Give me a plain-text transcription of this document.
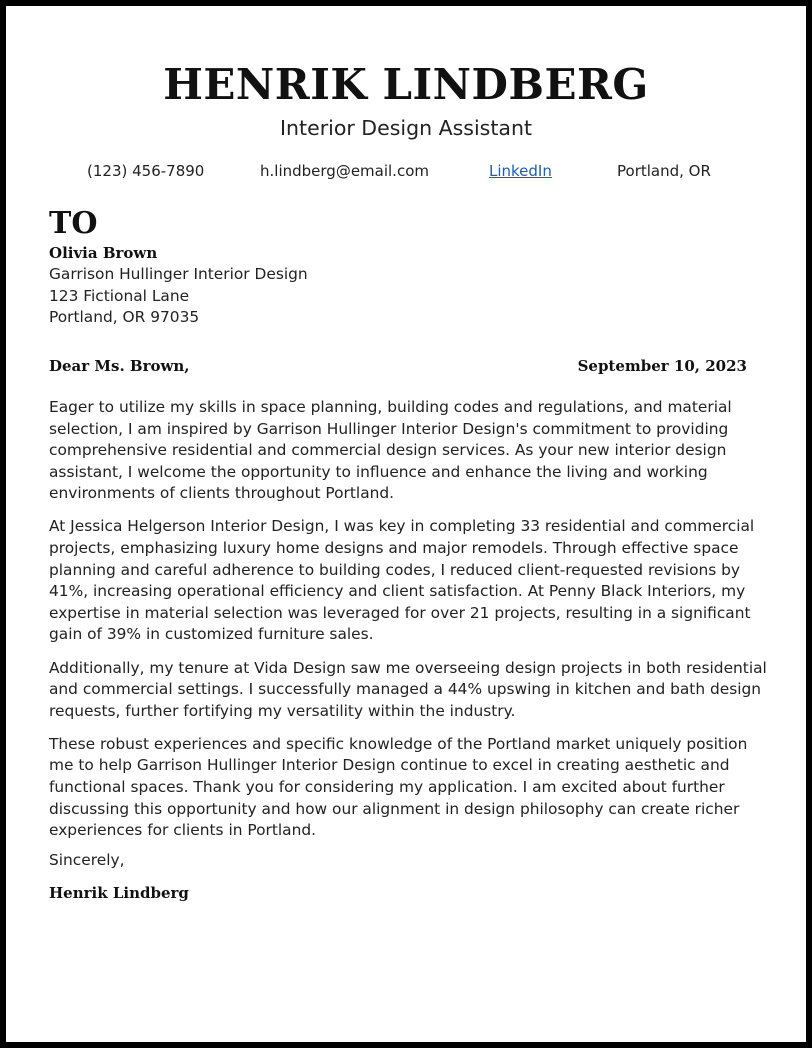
HENRIK LINDBERG
Interior Design Assistant
(123) 456-7890	h.lindberg@email.com	LinkedIn	Portland, OR
TO
Olivia Brown
Garrison Hullinger Interior Design
123 Fictional Lane
Portland, OR 97035
Dear Ms. Brown,	September 10, 2023

Eager to utilize my skills in space planning, building codes and regulations, and material selection, I am inspired by Garrison Hullinger Interior Design's commitment to providing comprehensive residential and commercial design services. As your new interior design assistant, I welcome the opportunity to influence and enhance the living and working environments of clients throughout Portland.

At Jessica Helgerson Interior Design, I was key in completing 33 residential and commercial projects, emphasizing luxury home designs and major remodels. Through effective space planning and careful adherence to building codes, I reduced client-requested revisions by 41%, increasing operational efficiency and client satisfaction. At Penny Black Interiors, my expertise in material selection was leveraged for over 21 projects, resulting in a significant gain of 39% in customized furniture sales.

Additionally, my tenure at Vida Design saw me overseeing design projects in both residential and commercial settings. I successfully managed a 44% upswing in kitchen and bath design requests, further fortifying my versatility within the industry.

These robust experiences and specific knowledge of the Portland market uniquely position me to help Garrison Hullinger Interior Design continue to excel in creating aesthetic and functional spaces. Thank you for considering my application. I am excited about further discussing this opportunity and how our alignment in design philosophy can create richer experiences for clients in Portland.

Sincerely,
Henrik Lindberg
